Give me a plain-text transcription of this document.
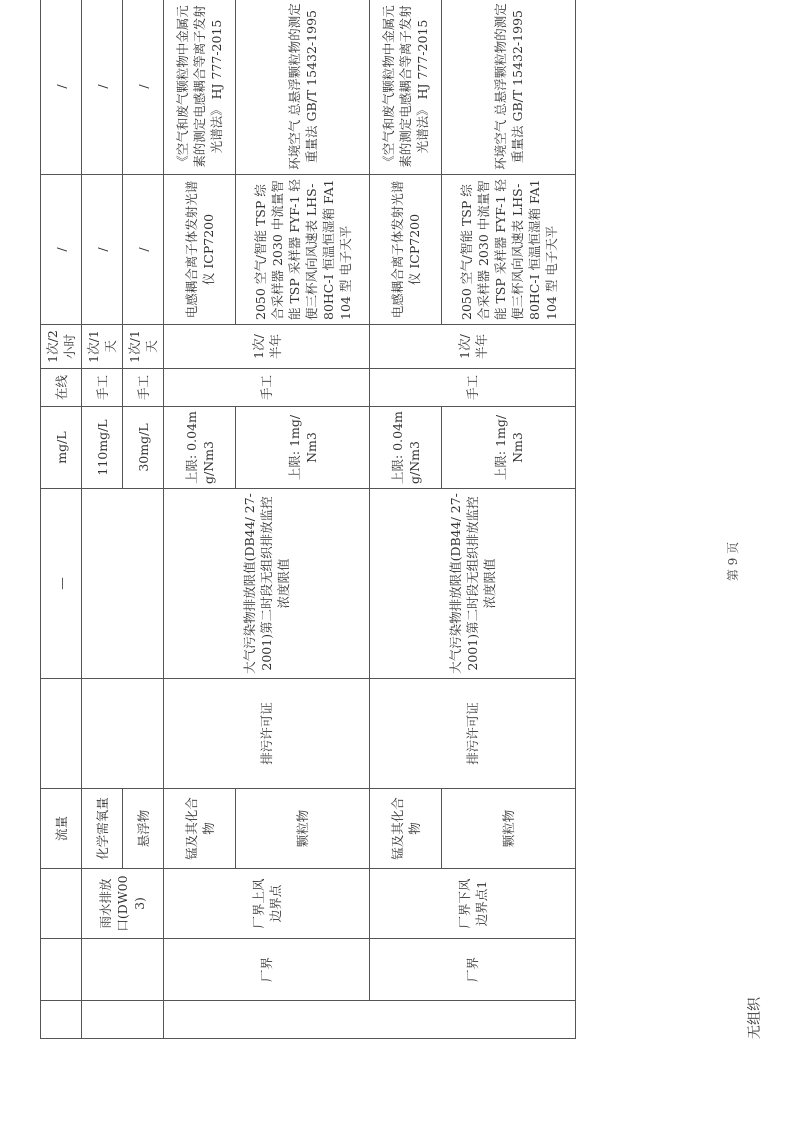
			流量		—	mg/L	在线	1次/2小时	/	/
		雨水排放口(DW003)	化学需氧量			110mg/L	手工	1次/1天	/	/
			悬浮物			30mg/L	手工	1次/1天	/	/
	厂界	厂界上风边界点	锰及其化合物	排污许可证	大气污染物排放限值(DB44/ 27-2001)第二时段无组织排放监控浓度限值	上限: 0.04mg/Nm3	手工	1次/半年	电感耦合离子体发射光谱仪 ICP7200	《空气和废气颗粒物中金属元素的测定电感耦合等离子发射光谱法》 HJ 777-2015
			颗粒物			上限: 1mg/Nm3			2050 空气/智能 TSP 综合采样器 2030 中流量智能 TSP 采样器 FYF-1 轻便三杯风向风速表 LHS-80HC-I 恒温恒湿箱 FA1104 型 电子天平	环境空气 总悬浮颗粒物的测定 重量法 GB/T 15432-1995
	厂界	厂界下风边界点1	锰及其化合物	排污许可证	大气污染物排放限值(DB44/ 27-2001)第二时段无组织排放监控浓度限值	上限: 0.04mg/Nm3	手工	1次/半年	电感耦合离子体发射光谱仪 ICP7200	《空气和废气颗粒物中金属元素的测定电感耦合等离子发射光谱法》 HJ 777-2015
			颗粒物			上限: 1mg/Nm3			2050 空气/智能 TSP 综合采样器 2030 中流量智能 TSP 采样器 FYF-1 轻便三杯风向风速表 LHS-80HC-I 恒温恒湿箱 FA1104 型 电子天平	环境空气 总悬浮颗粒物的测定 重量法 GB/T 15432-1995
无组织
第 9 页
